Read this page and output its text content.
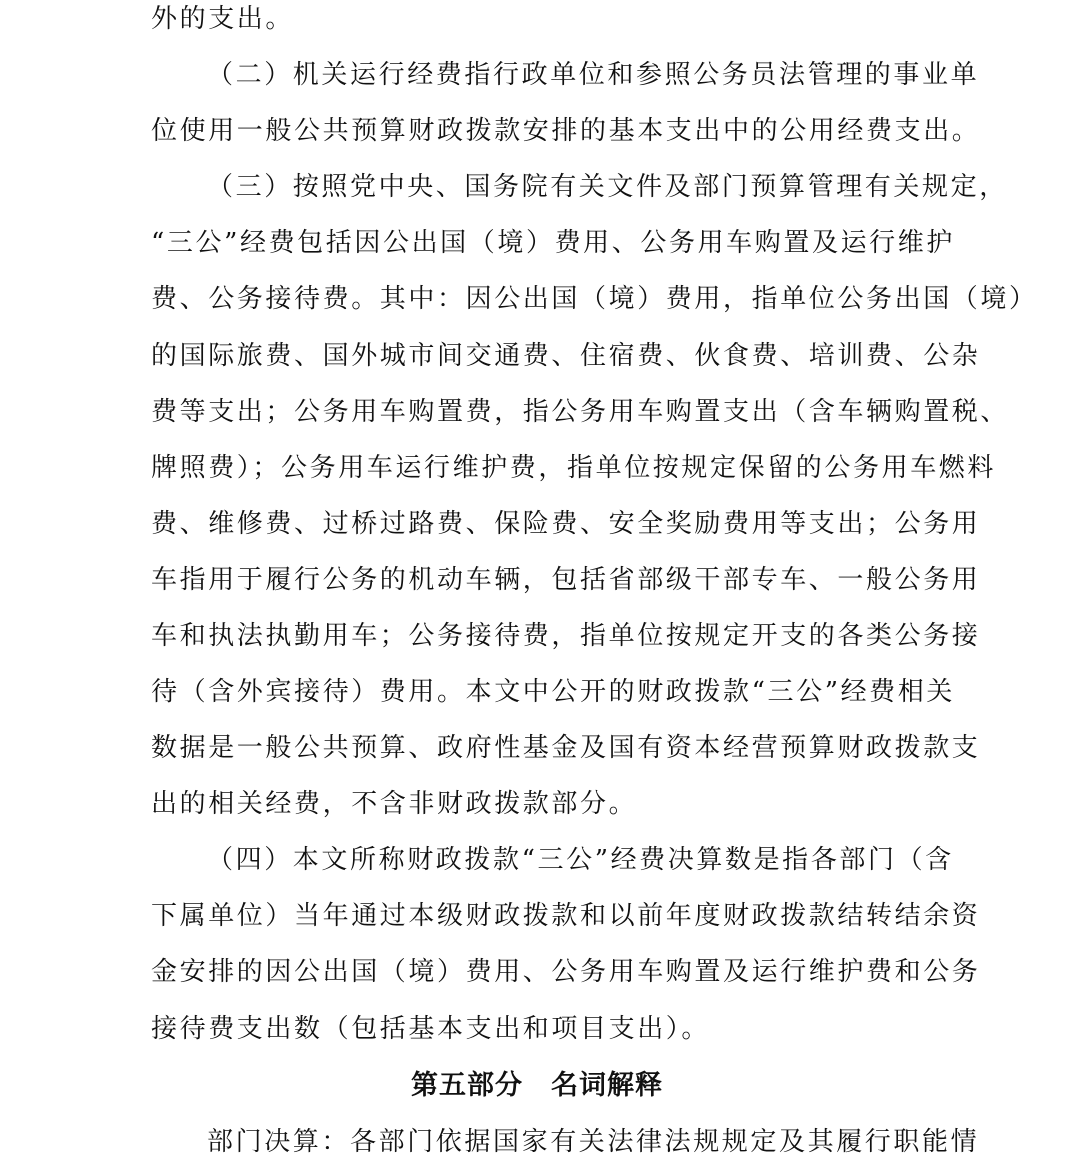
外的支出。
（二）机关运行经费指行政单位和参照公务员法管理的事业单
位使用一般公共预算财政拨款安排的基本支出中的公用经费支出。
（三）按照党中央、国务院有关文件及部门预算管理有关规定，
“三公”经费包括因公出国（境）费用、公务用车购置及运行维护
费、公务接待费。其中：因公出国（境）费用，指单位公务出国（境）
的国际旅费、国外城市间交通费、住宿费、伙食费、培训费、公杂
费等支出；公务用车购置费，指公务用车购置支出（含车辆购置税、
牌照费）；公务用车运行维护费，指单位按规定保留的公务用车燃料
费、维修费、过桥过路费、保险费、安全奖励费用等支出；公务用
车指用于履行公务的机动车辆，包括省部级干部专车、一般公务用
车和执法执勤用车；公务接待费，指单位按规定开支的各类公务接
待（含外宾接待）费用。本文中公开的财政拨款“三公”经费相关
数据是一般公共预算、政府性基金及国有资本经营预算财政拨款支
出的相关经费，不含非财政拨款部分。
（四）本文所称财政拨款“三公”经费决算数是指各部门（含
下属单位）当年通过本级财政拨款和以前年度财政拨款结转结余资
金安排的因公出国（境）费用、公务用车购置及运行维护费和公务
接待费支出数（包括基本支出和项目支出）。
第五部分　名词解释
部门决算：各部门依据国家有关法律法规规定及其履行职能情
